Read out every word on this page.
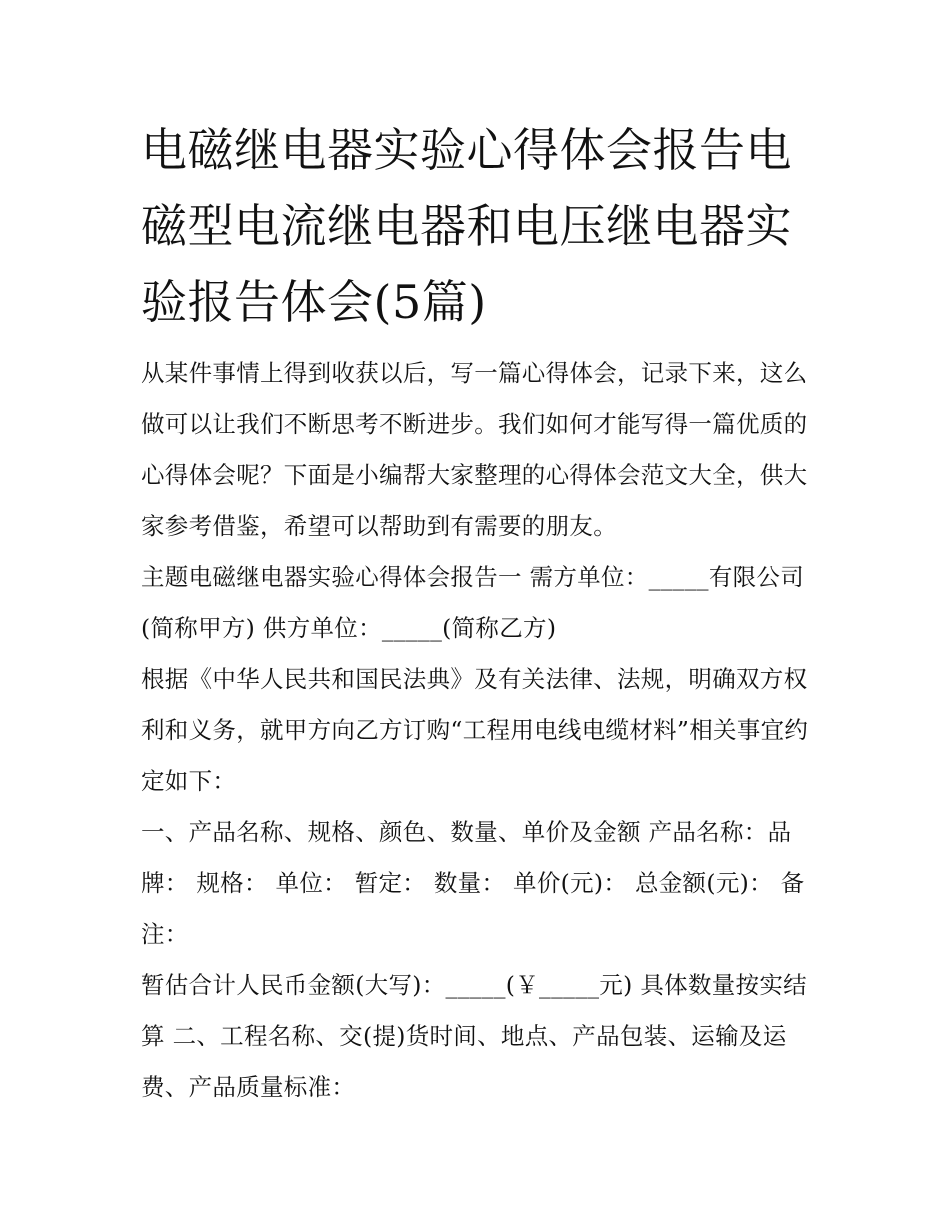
电磁继电器实验心得体会报告电磁型电流继电器和电压继电器实验报告体会(5篇)

从某件事情上得到收获以后，写一篇心得体会，记录下来，这么做可以让我们不断思考不断进步。我们如何才能写得一篇优质的心得体会呢？下面是小编帮大家整理的心得体会范文大全，供大家参考借鉴，希望可以帮助到有需要的朋友。

主题电磁继电器实验心得体会报告一 需方单位：_____有限公司(简称甲方) 供方单位：_____(简称乙方)

根据《中华人民共和国民法典》及有关法律、法规，明确双方权利和义务，就甲方向乙方订购“工程用电线电缆材料”相关事宜约定如下：

一、产品名称、规格、颜色、数量、单价及金额 产品名称：品牌： 规格： 单位： 暂定： 数量： 单价(元)： 总金额(元)： 备注：

暂估合计人民币金额(大写)：_____(￥_____元) 具体数量按实结算 二、工程名称、交(提)货时间、地点、产品包装、运输及运费、产品质量标准：
